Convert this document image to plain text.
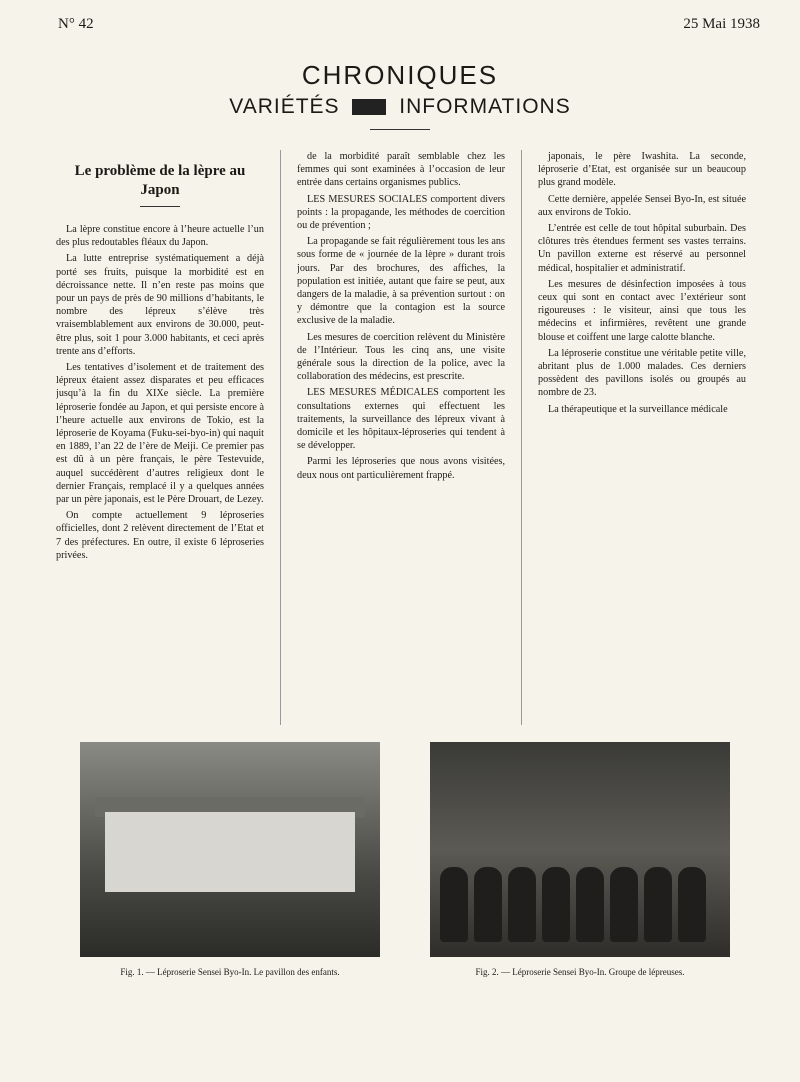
N° 42	25 Mai 1938
CHRONIQUES
VARIÉTÉS	INFORMATIONS
Le problème de la lèpre au Japon

La lèpre constitue encore à l’heure actuelle l’un des plus redoutables fléaux du Japon.

La lutte entreprise systématiquement a déjà porté ses fruits, puisque la morbidité est en décroissance nette. Il n’en reste pas moins que pour un pays de près de 90 millions d’habitants, le nombre des lépreux s’élève très vraisemblablement aux environs de 30.000, peut-être plus, soit 1 pour 3.000 habitants, et ceci après trente ans d’efforts.

Les tentatives d’isolement et de traitement des lépreux étaient assez disparates et peu efficaces jusqu’à la fin du XIXe siècle. La première léproserie fondée au Japon, et qui persiste encore à l’heure actuelle aux environs de Tokio, est la léproserie de Koyama (Fuku-sei-byo-in) qui naquit en 1889, l’an 22 de l’ère de Meiji. Ce premier pas est dû à un père français, le père Testevuide, auquel succédèrent d’autres religieux dont le dernier Français, remplacé il y a quelques années par un père japonais, est le Père Drouart, de Lezey.

On compte actuellement 9 léproseries officielles, dont 2 relèvent directement de l’Etat et 7 des préfectures. En outre, il existe 6 léproseries privées.

de la morbidité paraît semblable chez les femmes qui sont examinées à l’occasion de leur entrée dans certains organismes publics.

LES MESURES SOCIALES comportent divers points : la propagande, les méthodes de coercition ou de prévention ;

La propagande se fait régulièrement tous les ans sous forme de « journée de la lèpre » durant trois jours. Par des brochures, des affiches, la population est initiée, autant que faire se peut, aux dangers de la maladie, à sa prévention surtout : on y démontre que la contagion est la source exclusive de la maladie.

Les mesures de coercition relèvent du Ministère de l’Intérieur. Tous les cinq ans, une visite générale sous la direction de la police, avec la collaboration des médecins, est prescrite.

LES MESURES MÉDICALES comportent les consultations externes qui effectuent les traitements, la surveillance des lépreux vivant à domicile et les hôpitaux-léproseries qui tendent à se développer.

Parmi les léproseries que nous avons visitées, deux nous ont particulièrement frappé.

japonais, le père Iwashita. La seconde, léproserie d’Etat, est organisée sur un beaucoup plus grand modèle.

Cette dernière, appelée Sensei Byo-In, est située aux environs de Tokio.

L’entrée est celle de tout hôpital suburbain. Des clôtures très étendues ferment ses vastes terrains. Un pavillon externe est réservé au personnel médical, hospitalier et administratif.

Les mesures de désinfection imposées à tous ceux qui sont en contact avec l’extérieur sont rigoureuses : le visiteur, ainsi que tous les médecins et infirmières, revêtent une grande blouse et coiffent une large calotte blanche.

La léproserie constitue une véritable petite ville, abritant plus de 1.000 malades. Ces derniers possèdent des pavillons isolés ou groupés au nombre de 23.

La thérapeutique et la surveillance médicale

Fig. 1. — Léproserie Sensei Byo-In. Le pavillon des enfants.	Fig. 2. — Léproserie Sensei Byo-In. Groupe de lépreuses.
